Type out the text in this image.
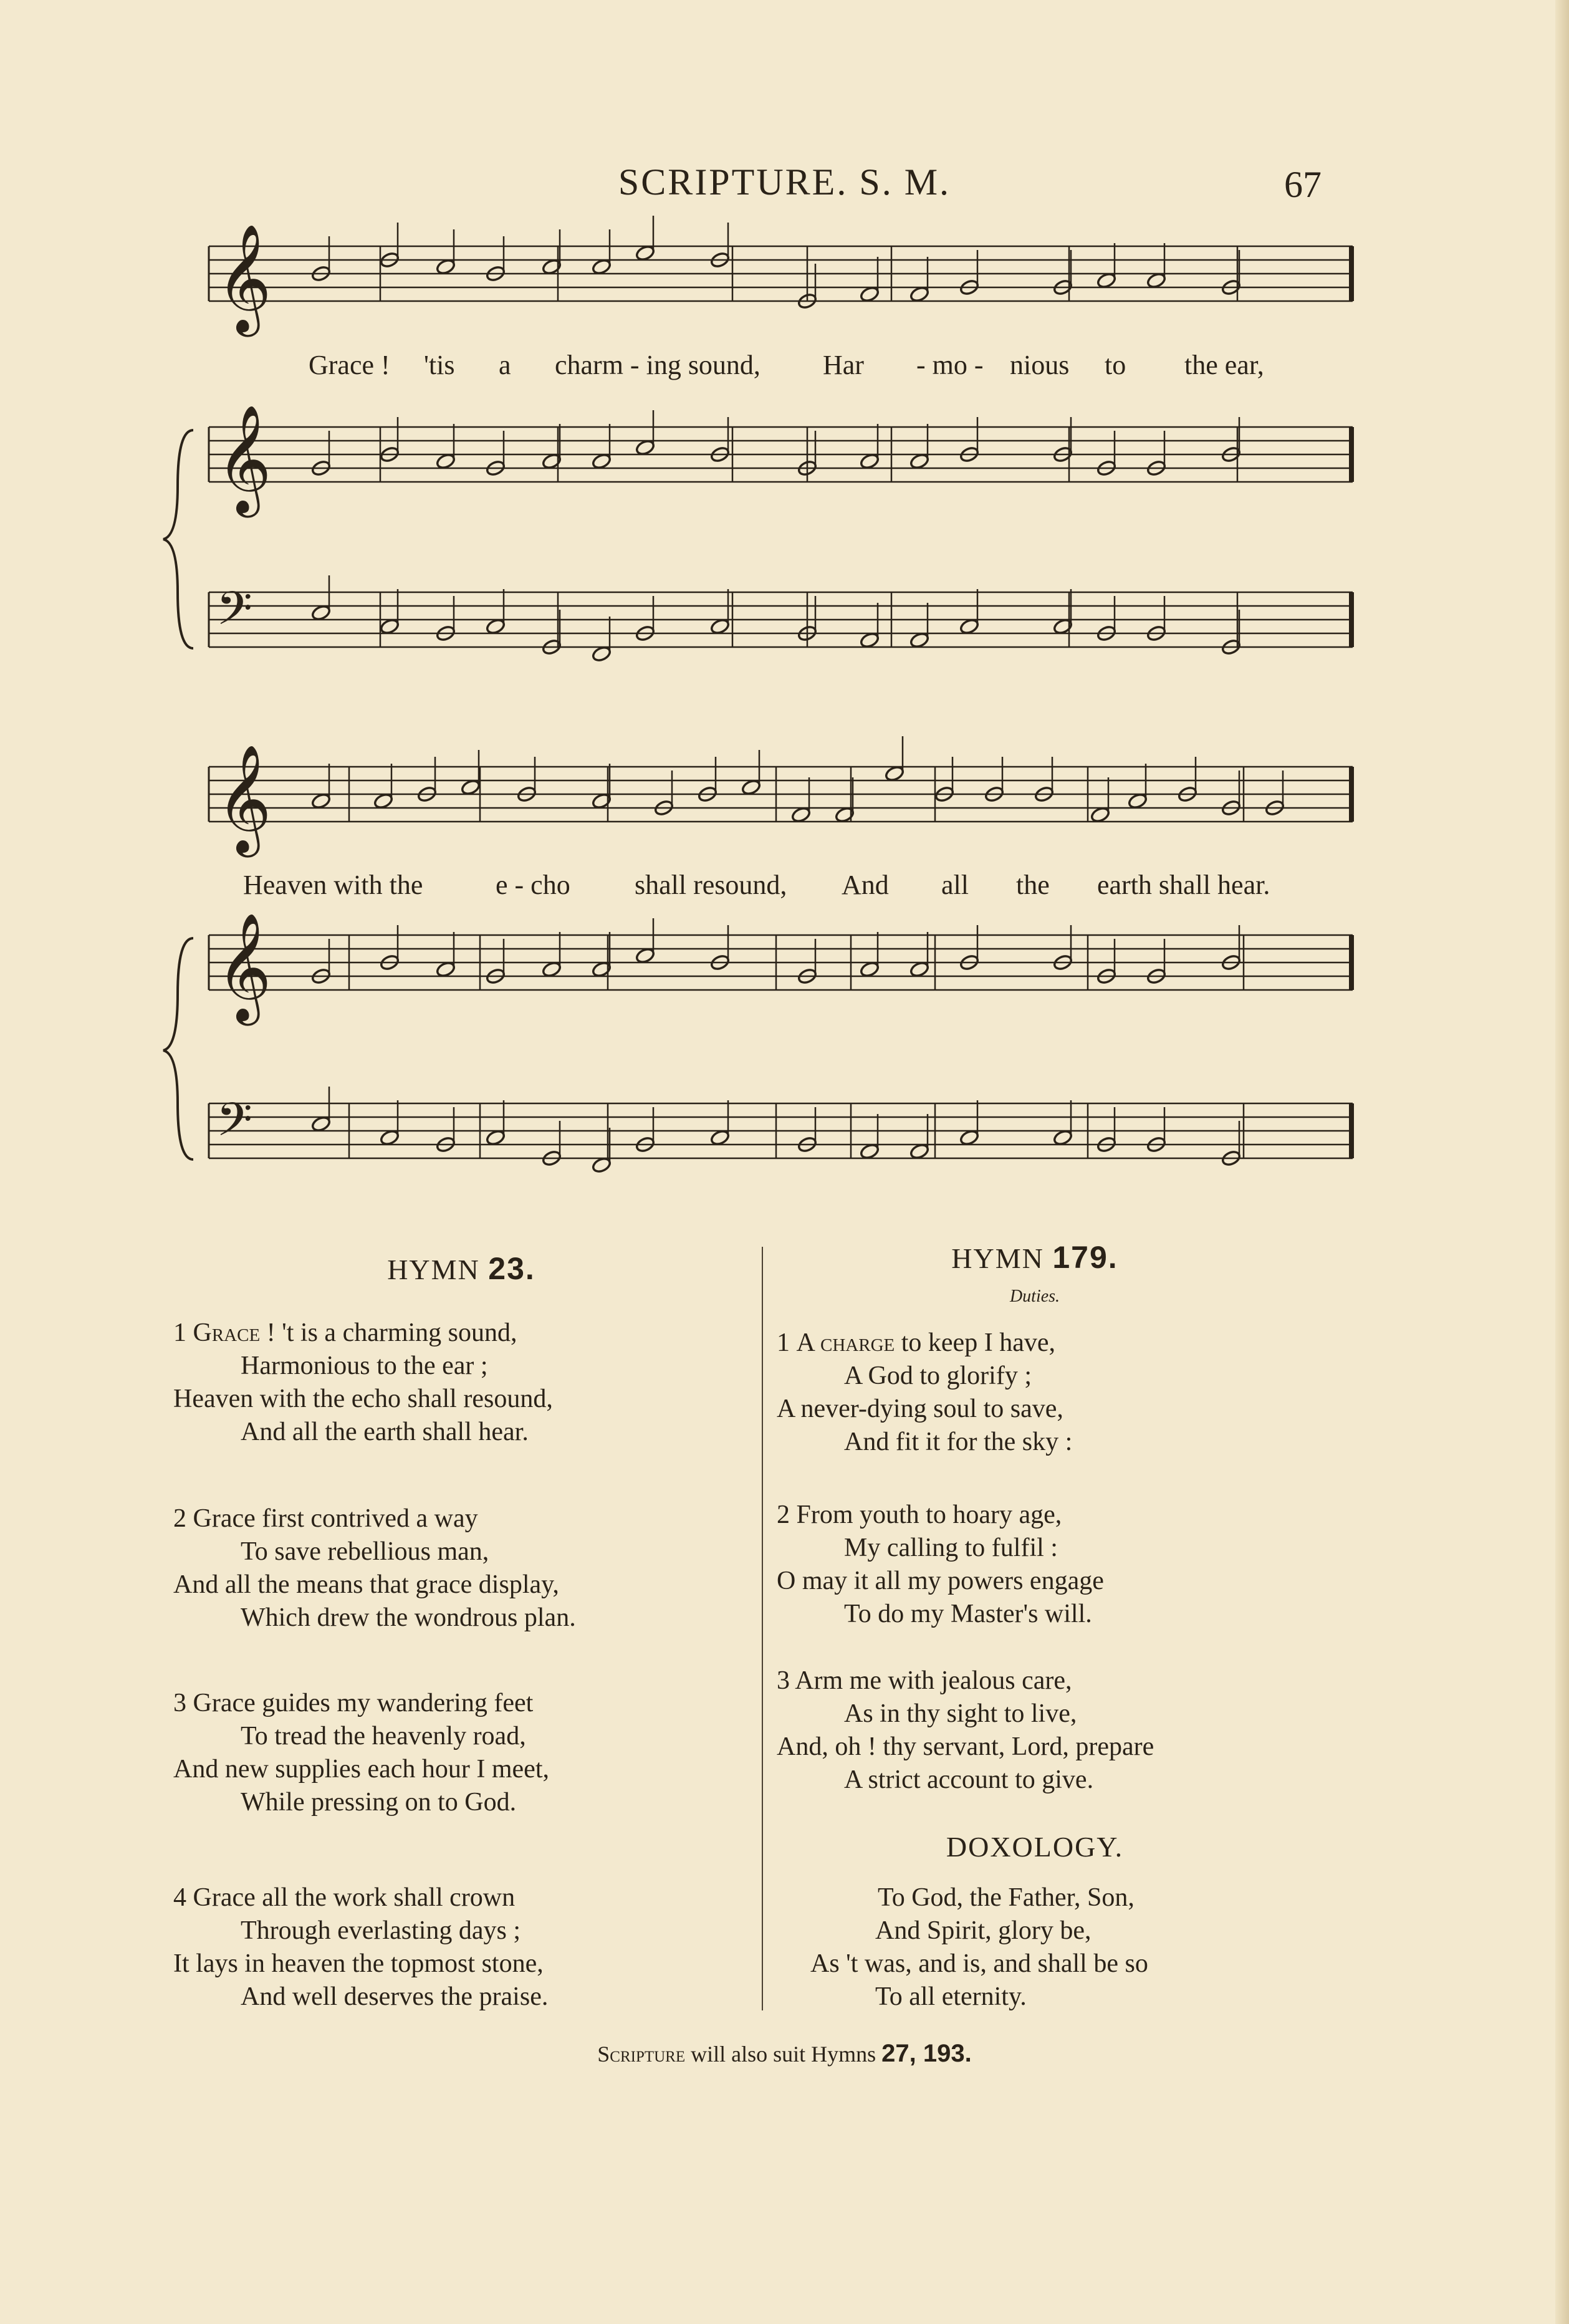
SCRIPTURE. S. M.	67
𝄞
𝄞
𝄢
𝄞
𝄞
𝄢
Grace ! 'tis a charm - ing sound, Har - mo - nious to the ear,
Heaven with the	e - cho shall resound, And all the earth shall hear.
HYMN 23.
1 Grace ! 't is a charming sound,
Harmonious to the ear ;
Heaven with the echo shall resound,
And all the earth shall hear.
2 Grace first contrived a way
To save rebellious man,
And all the means that grace display,
Which drew the wondrous plan.
3 Grace guides my wandering feet
To tread the heavenly road,
And new supplies each hour I meet,
While pressing on to God.
4 Grace all the work shall crown
Through everlasting days ;
It lays in heaven the topmost stone,
And well deserves the praise.
HYMN 179.
Duties.
1 A charge to keep I have,
A God to glorify ;
A never-dying soul to save,
And fit it for the sky :
2 From youth to hoary age,
My calling to fulfil :
O may it all my powers engage
To do my Master's will.
3 Arm me with jealous care,
As in thy sight to live,
And, oh ! thy servant, Lord, prepare
A strict account to give.
DOXOLOGY.
To God, the Father, Son,
And Spirit, glory be,
As 't was, and is, and shall be so
To all eternity.
Scripture will also suit Hymns 27, 193.
